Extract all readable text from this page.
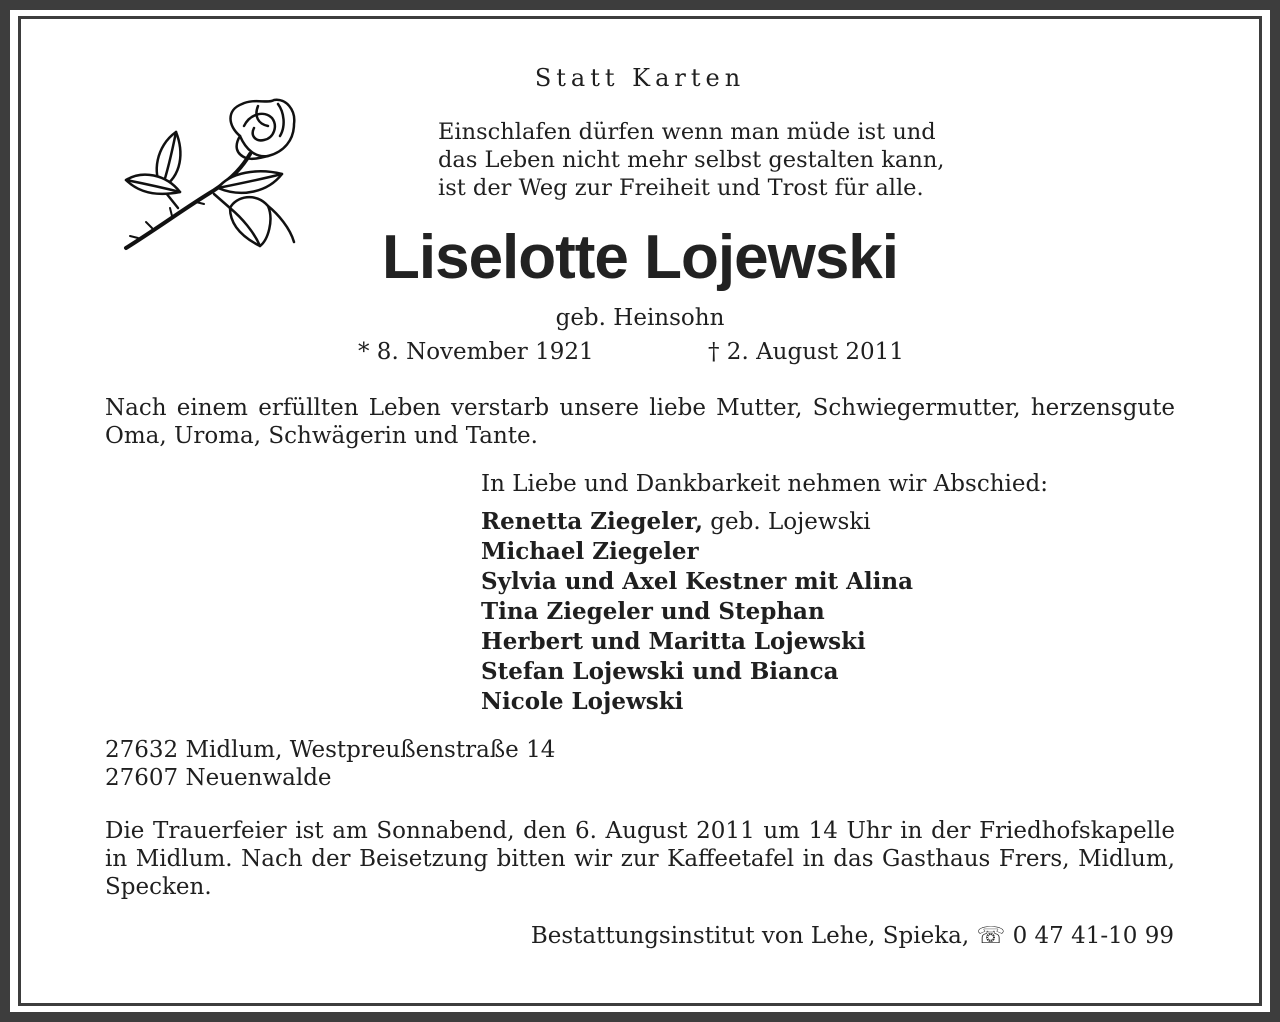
Statt Karten
Einschlafen dürfen wenn man müde ist und
das Leben nicht mehr selbst gestalten kann,
ist der Weg zur Freiheit und Trost für alle.
Liselotte Lojewski
geb. Heinsohn
* 8. November 1921	† 2. August 2011
Nach einem erfüllten Leben verstarb unsere liebe Mutter, Schwiegermutter, herzensgute Oma, Uroma, Schwägerin und Tante.
In Liebe und Dankbarkeit nehmen wir Abschied:
Renetta Ziegeler, geb. Lojewski
Michael Ziegeler
Sylvia und Axel Kestner mit Alina
Tina Ziegeler und Stephan
Herbert und Maritta Lojewski
Stefan Lojewski und Bianca
Nicole Lojewski
27632 Midlum, Westpreußenstraße 14
27607 Neuenwalde
Die Trauerfeier ist am Sonnabend, den 6. August 2011 um 14 Uhr in der Friedhofskapelle in Midlum. Nach der Beisetzung bitten wir zur Kaffeetafel in das Gasthaus Frers, Midlum, Specken.
Bestattungsinstitut von Lehe, Spieka, ☏ 0 47 41-10 99
